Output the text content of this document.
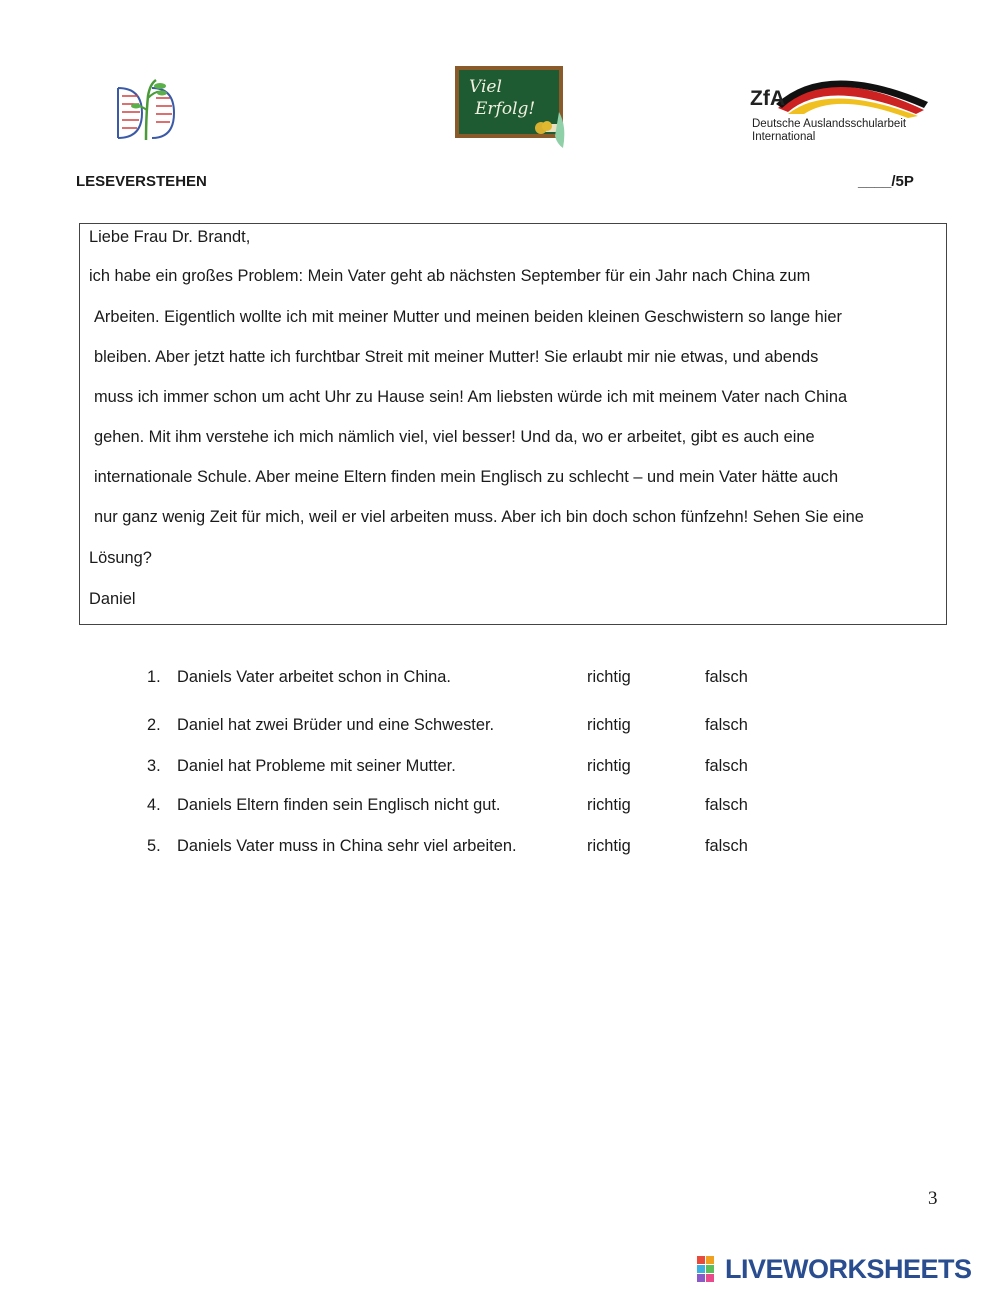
Viel
Erfolg!	ZfA
Deutsche Auslandsschularbeit
International
LESEVERSTEHEN	____/5P
Liebe Frau Dr. Brandt,
ich habe ein großes Problem: Mein Vater geht ab nächsten September für ein Jahr nach China zum
Arbeiten. Eigentlich wollte ich mit meiner Mutter und meinen beiden kleinen Geschwistern so lange hier
bleiben. Aber jetzt hatte ich furchtbar Streit mit meiner Mutter! Sie erlaubt mir nie etwas, und abends
muss ich immer schon um acht Uhr zu Hause sein! Am liebsten würde ich mit meinem Vater nach China
gehen. Mit ihm verstehe ich mich nämlich viel, viel besser! Und da, wo er arbeitet, gibt es auch eine
internationale Schule. Aber meine Eltern finden mein Englisch zu schlecht – und mein Vater hätte auch
nur ganz wenig Zeit für mich, weil er viel arbeiten muss. Aber ich bin doch schon fünfzehn! Sehen Sie eine
Lösung?
Daniel
1. Daniels Vater arbeitet schon in China.	richtig	falsch
2. Daniel hat zwei Brüder und eine Schwester.	richtig	falsch
3. Daniel hat Probleme mit seiner Mutter.	richtig	falsch
4. Daniels Eltern finden sein Englisch nicht gut.	richtig	falsch
5. Daniels Vater muss in China sehr viel arbeiten.	richtig	falsch
3
LIVEWORKSHEETS
